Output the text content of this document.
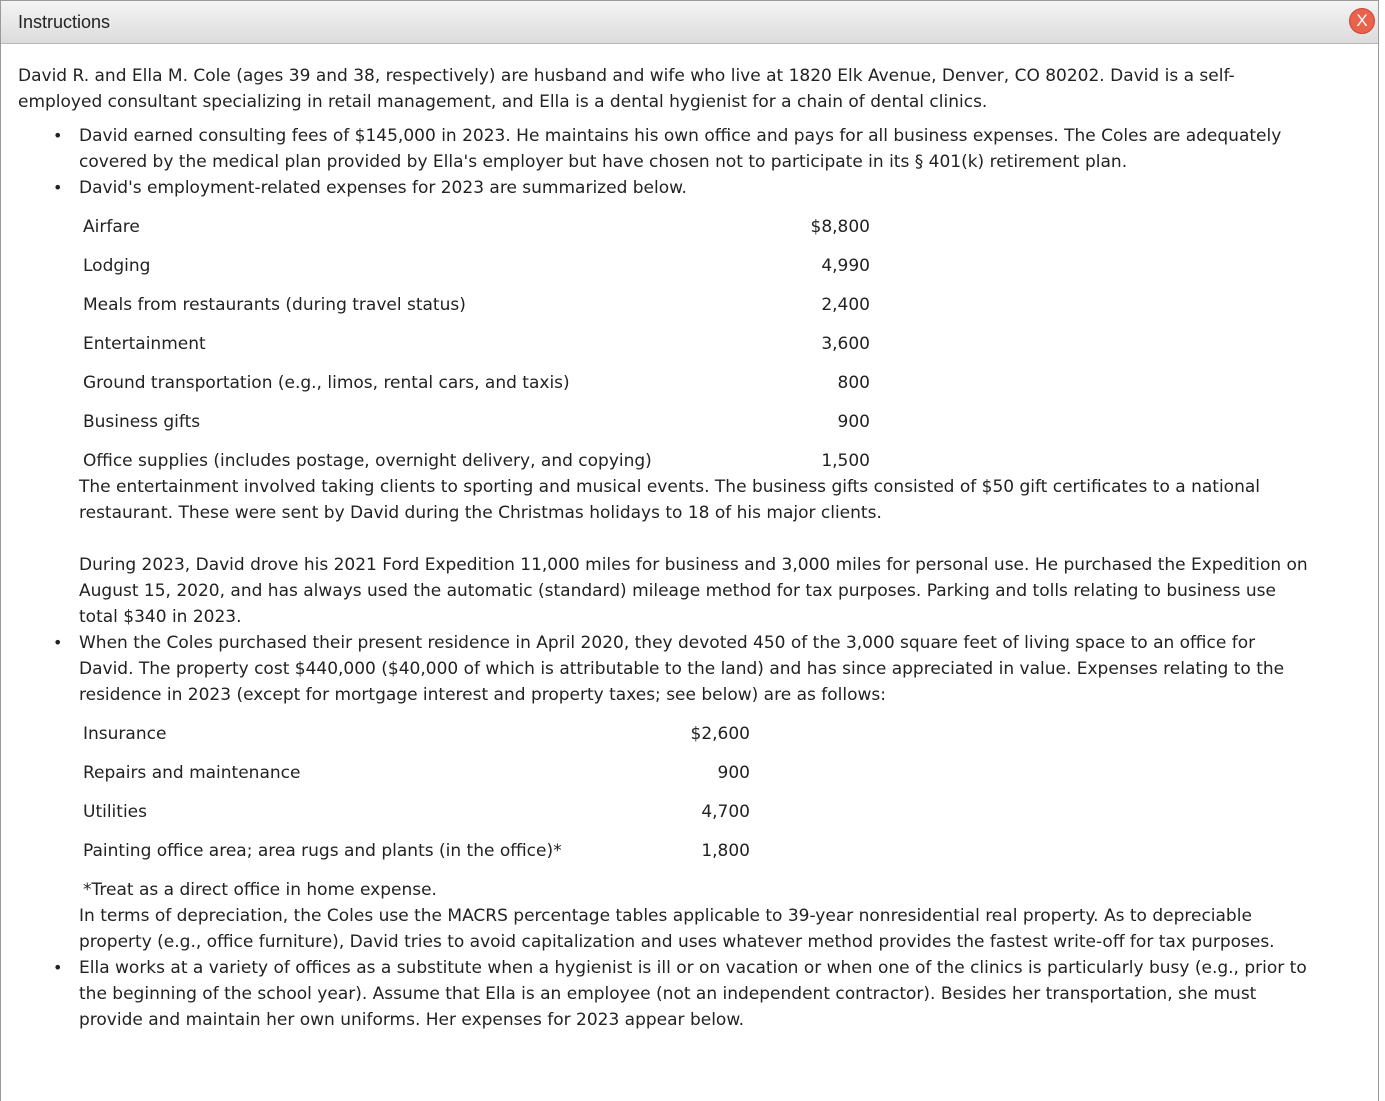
Instructions	X

David R. and Ella M. Cole (ages 39 and 38, respectively) are husband and wife who live at 1820 Elk Avenue, Denver, CO 80202. David is a self-employed consultant specializing in retail management, and Ella is a dental hygienist for a chain of dental clinics.

• David earned consulting fees of $145,000 in 2023. He maintains his own office and pays for all business expenses. The Coles are adequately covered by the medical plan provided by Ella's employer but have chosen not to participate in its § 401(k) retirement plan.
• David's employment-related expenses for 2023 are summarized below.
Airfare	$8,800
Lodging	4,990
Meals from restaurants (during travel status)	2,400
Entertainment	3,600
Ground transportation (e.g., limos, rental cars, and taxis)	800
Business gifts	900
Office supplies (includes postage, overnight delivery, and copying)	1,500
The entertainment involved taking clients to sporting and musical events. The business gifts consisted of $50 gift certificates to a national restaurant. These were sent by David during the Christmas holidays to 18 of his major clients.
During 2023, David drove his 2021 Ford Expedition 11,000 miles for business and 3,000 miles for personal use. He purchased the Expedition on August 15, 2020, and has always used the automatic (standard) mileage method for tax purposes. Parking and tolls relating to business use total $340 in 2023.
• When the Coles purchased their present residence in April 2020, they devoted 450 of the 3,000 square feet of living space to an office for David. The property cost $440,000 ($40,000 of which is attributable to the land) and has since appreciated in value. Expenses relating to the residence in 2023 (except for mortgage interest and property taxes; see below) are as follows:
Insurance	$2,600
Repairs and maintenance	900
Utilities	4,700
Painting office area; area rugs and plants (in the office)*	1,800
*Treat as a direct office in home expense.
In terms of depreciation, the Coles use the MACRS percentage tables applicable to 39-year nonresidential real property. As to depreciable property (e.g., office furniture), David tries to avoid capitalization and uses whatever method provides the fastest write-off for tax purposes.
• Ella works at a variety of offices as a substitute when a hygienist is ill or on vacation or when one of the clinics is particularly busy (e.g., prior to the beginning of the school year). Assume that Ella is an employee (not an independent contractor). Besides her transportation, she must provide and maintain her own uniforms. Her expenses for 2023 appear below.
